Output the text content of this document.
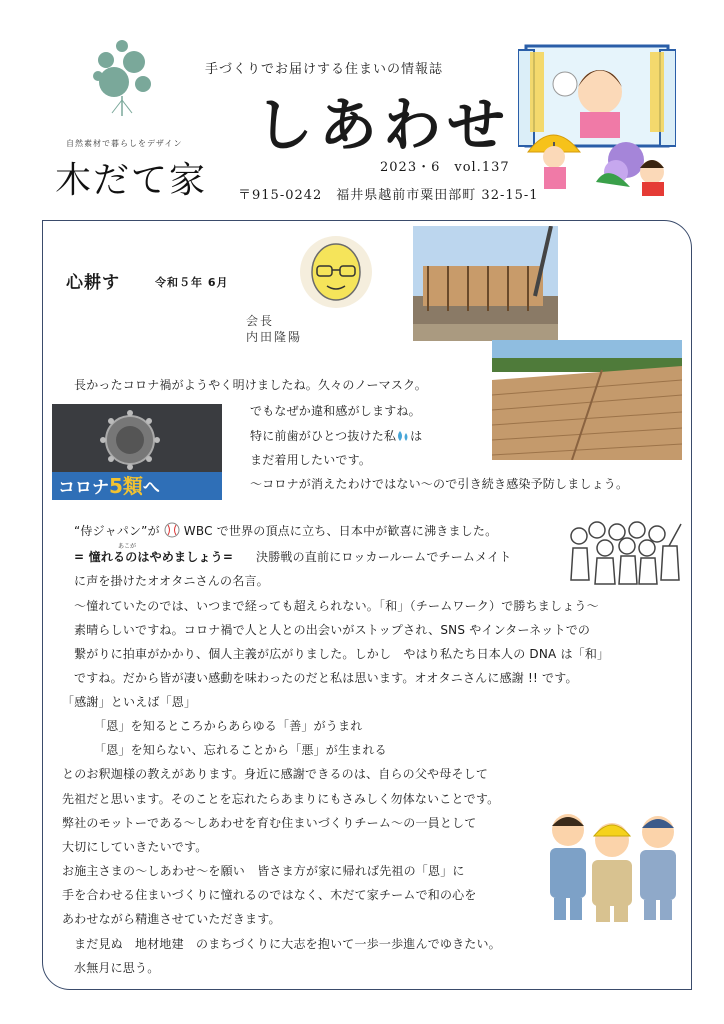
自然素材で暮らしをデザイン
木だて家
手づくりでお届けする住まいの情報誌
しあわせ
2023・6　vol.137
〒915-0242　福井県越前市粟田部町 32-15-1
心耕す	令和５年 6月
会長
内田隆陽
コロナ5類へ
長かったコロナ禍がようやく明けましたね。久々のノーマスク。
でもなぜか違和感がしますね。
特に前歯がひとつ抜けた私 は
まだ着用したいです。
～コロナが消えたわけではない～ので引き続き感染予防しましょう。
“侍ジャパン”が WBC で世界の頂点に立ち、日本中が歓喜に沸きました。
あこが
= 憧れるのはやめましょう= 決勝戦の直前にロッカールームでチームメイト
に声を掛けたオオタニさんの名言。
～憧れていたのでは、いつまで経っても超えられない。「和」（チームワーク）で勝ちましょう～
素晴らしいですね。コロナ禍で人と人との出会いがストップされ、SNS やインターネットでの
繋がりに拍車がかかり、個人主義が広がりました。しかし　やはり私たち日本人の DNA は「和」
ですね。だから皆が凄い感動を味わったのだと私は思います。オオタニさんに感謝 !! です。
「感謝」といえば「恩」
「恩」を知るところからあらゆる「善」がうまれ
「恩」を知らない、忘れることから「悪」が生まれる
とのお釈迦様の教えがあります。身近に感謝できるのは、自らの父や母そして
先祖だと思います。そのことを忘れたらあまりにもさみしく勿体ないことです。
弊社のモットーである～しあわせを育む住まいづくりチーム～の一員として
大切にしていきたいです。
お施主さまの～しあわせ～を願い　皆さま方が家に帰れば先祖の「恩」に
手を合わせる住まいづくりに憧れるのではなく、木だて家チームで和の心を
あわせながら精進させていただきます。
まだ見ぬ　地材地建　のまちづくりに大志を抱いて一歩一歩進んでゆきたい。
水無月に思う。
